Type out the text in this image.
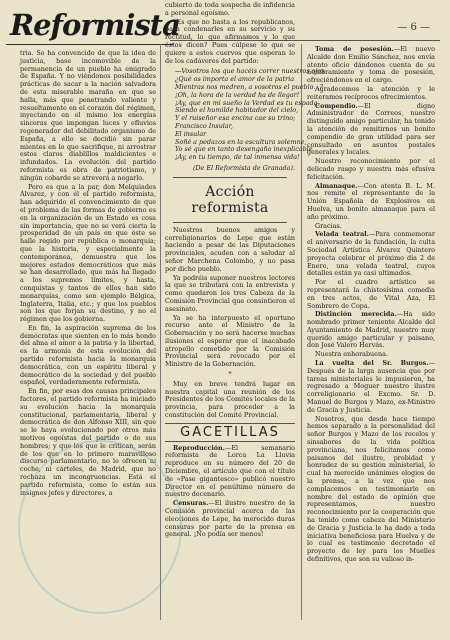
Reformista	— 6 —

tria. Se ha convencido de que la idea de justicia, base incomovible de la permanencia de un pueblo ha emigrado de España. Y no viéndonos posibilidades prácticas de sacar a la nación salvadora de esta miserable maraña en que se halla, más que penetrando valiente y resueltamente en el corazón del régimen, inyectando en el mismo los energías sinceras que impongan luces y efluvios regenerador del debilitado organismo de España, a ello se decidió sin parar mientes en lo que sacrifique, ni arrostrar estos claros diablillos maldicientes e infundados. La evolución del partido reformista es obra de patriotismo, y ningún cobarde se atreverá a negarlo.

Pero es que a la par, don Melquiades Álvarez, y con él el partido reformista, han adquirido el convencimiento de que el problema de las formas de gobierno es en la organización de un Estado es cosa sin importancia, que no se verá cierta la prosperidad de un país en que éste se halle regido por república o monarquía; que la historia, y especialmente la contemporánea, demuestra que los mejores estados democráticos que más se han desarrollado, que más ha llegado a los supremos límites, y hasta, conquistas y tantos de ellos han sido monarquías, como son ejemplo Bélgica, Inglaterra, Italia, etc.; y que los pueblos son los que forjan su destino, y no el régimen que los gobierna.

En fin, la aspiración suprema de los demócratas que sienten en lo más hondo del alma el amor a la patria y la libertad, es la armonía de esta evolución del partido reformista hacia la monarquía democrática, con un espíritu liberal y democrático de la sociedad y del pueblo español, verdaderamente reformista.

En fin, por esas dos causas principales factores, el partido reformista ha iniciado su evolución hacia la monarquía constitucional, parlamentaria, liberal y democrática de don Alfonso XIII, sin que se le haya evolucionado por otros más motivos egoístas del partido o de sus hombres; y que los que le critican, serán de los que en lo primero maravilloso discurso parlamentario, no le ofrecen ni coche, ni cárteles, de Madrid, que no rechaza un incongruencias. Está el partido reformista, como lo están sus insignes jefes y directores, a

cubierto de toda sospecha de infidencia a personal egoísmo.

¿Es que no basta a los republicanos, para condenarles en su servicio y su rectitud, lo que afirmamos y lo que éstos dicen? Pues cúlpese lo que se quiere a estos cuervos que esperan lo de los cadáveres del partido:

—Vosotros los que hacéis correr nuestros ojos
¿Qué os importa el amor de la patria
Mientras nos medren, a vosotros el pueblo...?
¡Oh, la hora de la verdad ha de llegar!
¡Ay, que en mi sueño la Verdad es tu espada,
Siendo el humilde habitador del cielo,
Y el ruiseñor esa encina cae su trino;
Francisco Insular,
El insular
Soñé a pedazos en la escultura solemne,
Yo sé que en tanto desengaño inexplicable
¡Ay, en tu tiempo, de tal inmensa vida!
(De El Reformista de Granada).
Acción reformista

Nuestros buenos amigos y correligionarios de Lepe que están haciendo a pesar de las Diputaciones provinciales, acuden con a saludar al señor Marchena Colombo, y no pasa por dicho pueblo.

Ya podréis suponer nuestros lectores la que se tributará con la entrevista y como quedaron los tres Cabeza de la Comisión Provincial que consintieron el asesinato.

Ya se ha interpuesto el oportuno recurso ante el Ministro de la Gobernación y no será hacerse muchas ilusiones el esperar que el inacabado atropello cometido por la Comisión Provincial será revocado por el Ministro de la Gobernación.

*

Muy en breve tendrá lugar en nuestra capital una reunión de los Presidentes de los Comités locales de la provincia, para proceder a la constitución del Comité Provincial.

GACETILLAS

Reproducción.—El semanario reformista de Lorca La Lluvia reproduce en su número del 20 de Diciembre, el artículo que con el título de «Pase gigantesco» publicó nuestro Director en el penúltimo número de nuestro decenario.

Censuras.—El ilustre nuestro de la Comisión provincial acerca de las elecciones de Lepe, ha merecido duras censuras por parte de la prensa en general. ¡No podía ser menos!

Toma de posesión.—El nuevo Alcalde don Emilio Sánchez, nos envía atento oficio dándonos cuenta de su nombramiento y toma de posesión, ofreciéndonos en el cargo.

Agradecemos la atención y le reiteramos recíprocos ofrecimientos.

Compendio.—El digno Administrador de Correos, nuestro distinguido amigo particular, ha tenido la atención de remitirnos un bonito compendio de gran utilidad para ser consultado en asuntos postales generales y locales.

Nuestro reconocimiento por el delicado rasgo y nuestra más efusiva felicitación.

Almanaque.—Con atenta B. L. M. nos remite el representante de la Unión Española de Explosivos en Huelva, un bonito almanaque para el año próximo.

Gracias.

Velada teatral.—Para conmemorar el aniversario de la fundación, la culta Sociedad Artística Álvarez Quintero proyecta celebrar el próximo día 2 de Enero, una velada teatral, cuyos detalles están ya casi ultimados.

Por el cuadro artístico se representará la chistosísima comedia en tres actos, de Vital Aza, El Sombrero de Copa.

Distinción merecida.—Ha sido nombrado primer teniente Alcalde del Ayuntamiento de Madrid, nuestro muy querido amigo particular y paisano, don José Valero Hervás.

Nuestra enhorabuena.

La vuelta del Sr. Burgos.—Después de la larga ausencia que por tareas ministeriales le impusieron, ha regresado a Moguer nuestro ilustre correligionario el Excmo. Sr. D. Manuel de Burgos y Mazo, ex-Ministro de Gracia y Justicia.

Nosotros, que desde hace tiempo hemos separado a la personalidad del señor Burgos y Mazo de los recelos y sinsabores de la vida política provinciana, nos felicitamos como paisanos del ilustre, probidad y honradez de su gestión ministerial, lo cual ha merecido unánimes elogios de la prensa, a la vez que nos complacemos en testimoniarle en nombre del estado de opinión que representamos, nuestro reconocimiento por la cooperación que ha tenido como cabeza del Ministerio de Gracia y Justicia le ha dado a toda iniciativa beneficiosa para Huelva y de lo cual es testimonio decretado el proyecto de ley para los Muelles definitivos, que son su valioso in-
